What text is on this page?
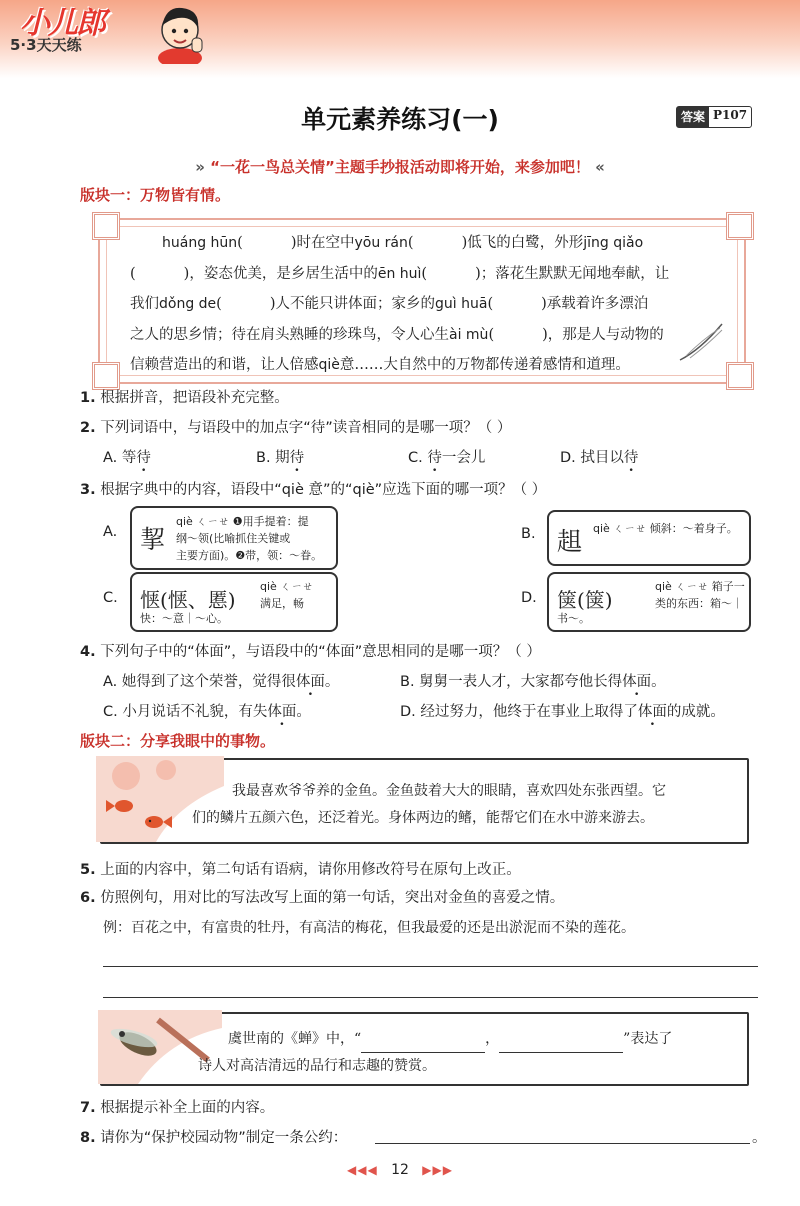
小儿郎
5·3天天练
单元素养练习(一)	答案 P107
» “一花一鸟总关情”主题手抄报活动即将开始，来参加吧！ «
版块一：万物皆有情。
huáng hūn(	)时在空中yōu rán(	)低飞的白鹭，外形jīng qiǎo
(	)，姿态优美，是乡居生活中的ēn huì(	)；落花生默默无闻地奉献，让
我们dǒng de(	)人不能只讲体面；家乡的guì huā(	)承载着许多漂泊
之人的思乡情；待在肩头熟睡的珍珠鸟，令人心生ài mù(	)，那是人与动物的
信赖营造出的和谐，让人倍感qiè意……大自然中的万物都传递着感情和道理。
1. 根据拼音，把语段补充完整。
2. 下列词语中，与语段中的加点字“待”读音相同的是哪一项？（ ）
A. 等待	B. 期待	C. 待一会儿	D. 拭目以待
3. 根据字典中的内容，语段中“qiè 意”的“qiè”应选下面的哪一项？（ ）
A. 挈
qiè ㄑㄧㄝ ❶用手提着：提
纲～领(比喻抓住关键或
主要方面)。❷带，领：～眷。
B. 趄 qiè ㄑㄧㄝ 倾斜：～着身子。
C. 惬(惬、慝)
qiè ㄑㄧㄝ
满足，畅
快：～意｜～心。
D. 箧(箧)
qiè ㄑㄧㄝ 箱子一
类的东西：箱～｜
书～。
4. 下列句子中的“体面”，与语段中的“体面”意思相同的是哪一项？（ ）
A. 她得到了这个荣誉，觉得很体面。	B. 舅舅一表人才，大家都夸他长得体面。
C. 小月说话不礼貌，有失体面。	D. 经过努力，他终于在事业上取得了体面的成就。
版块二：分享我眼中的事物。
我最喜欢爷爷养的金鱼。金鱼鼓着大大的眼睛，喜欢四处东张西望。它
们的鳞片五颜六色，还泛着光。身体两边的鳍，能帮它们在水中游来游去。
5. 上面的内容中，第二句话有语病，请你用修改符号在原句上改正。
6. 仿照例句，用对比的写法改写上面的第一句话，突出对金鱼的喜爱之情。
例：百花之中，有富贵的牡丹，有高洁的梅花，但我最爱的还是出淤泥而不染的莲花。
虞世南的《蝉》中，“	，	”表达了
诗人对高洁清远的品行和志趣的赞赏。
7. 根据提示补全上面的内容。
8. 请你为“保护校园动物”制定一条公约：	。
◀◀◀ 12 ▶▶▶
